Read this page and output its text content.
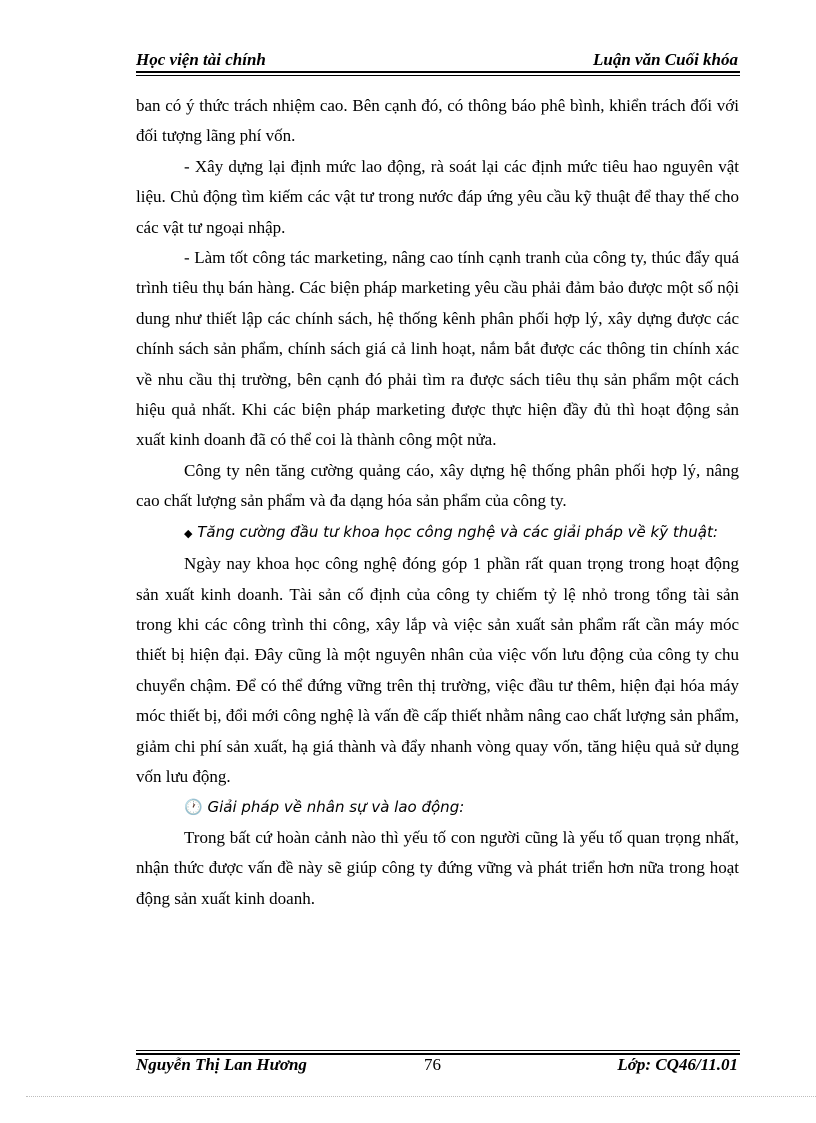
Học viện tài chính	Luận văn Cuối khóa

ban có ý thức trách nhiệm cao. Bên cạnh đó, có thông báo phê bình, khiển trách đối với đối tượng lãng phí vốn.

- Xây dựng lại định mức lao động, rà soát lại các định mức tiêu hao nguyên vật liệu. Chủ động tìm kiếm các vật tư trong nước đáp ứng yêu cầu kỹ thuật để thay thế cho các vật tư ngoại nhập.

- Làm tốt công tác marketing, nâng cao tính cạnh tranh của công ty, thúc đẩy quá trình tiêu thụ bán hàng. Các biện pháp marketing yêu cầu phải đảm bảo được một số nội dung như thiết lập các chính sách, hệ thống kênh phân phối hợp lý, xây dựng được các chính sách sản phẩm, chính sách giá cả linh hoạt, nắm bắt được các thông tin chính xác về nhu cầu thị trường, bên cạnh đó phải tìm ra được sách tiêu thụ sản phẩm một cách hiệu quả nhất. Khi các biện pháp marketing được thực hiện đầy đủ thì hoạt động sản xuất kinh doanh đã có thể coi là thành công một nửa.

Công ty nên tăng cường quảng cáo, xây dựng hệ thống phân phối hợp lý, nâng cao chất lượng sản phẩm và đa dạng hóa sản phẩm của công ty.

◆ Tăng cường đầu tư khoa học công nghệ và các giải pháp về kỹ thuật:

Ngày nay khoa học công nghệ đóng góp 1 phần rất quan trọng trong hoạt động sản xuất kinh doanh. Tài sản cố định của công ty chiếm tỷ lệ nhỏ trong tổng tài sản trong khi các công trình thi công, xây lắp và việc sản xuất sản phẩm rất cần máy móc thiết bị hiện đại. Đây cũng là một nguyên nhân của việc vốn lưu động của công ty chu chuyển chậm. Để có thể đứng vững trên thị trường, việc đầu tư thêm, hiện đại hóa máy móc thiết bị, đổi mới công nghệ là vấn đề cấp thiết nhằm nâng cao chất lượng sản phẩm, giảm chi phí sản xuất, hạ giá thành và đẩy nhanh vòng quay vốn, tăng hiệu quả sử dụng vốn lưu động.

🕐 Giải pháp về nhân sự và lao động:

Trong bất cứ hoàn cảnh nào thì yếu tố con người cũng là yếu tố quan trọng nhất, nhận thức được vấn đề này sẽ giúp công ty đứng vững và phát triển hơn nữa trong hoạt động sản xuất kinh doanh.

Nguyễn Thị Lan Hương	76	Lớp: CQ46/11.01
